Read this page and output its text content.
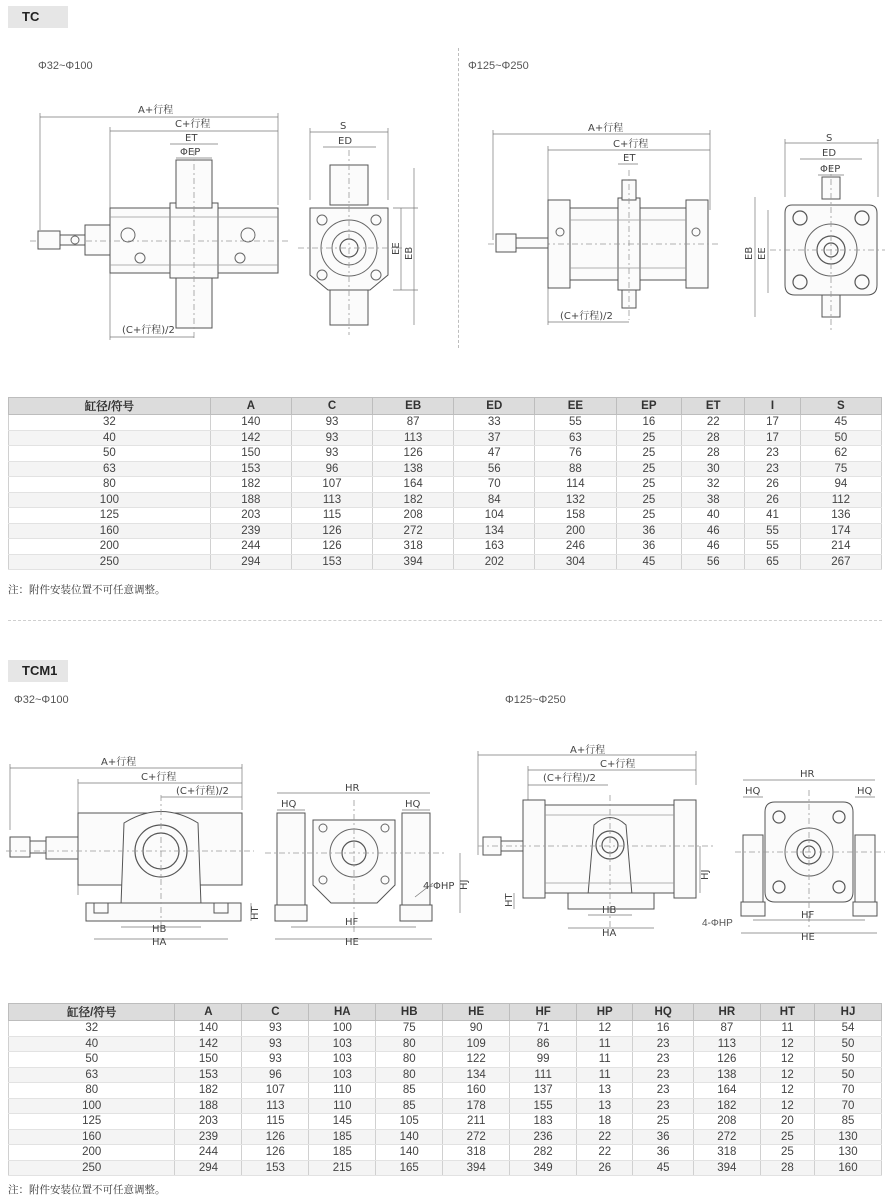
TC
Φ32~Φ100	Φ125~Φ250
A+行程
C+行程
ET
ΦEP
(C+行程)/2
S
ED
EE EB
A+行程
C+行程
ET
(C+行程)/2
S
ED
ΦEP
EB EE
缸径/符号	A	C	EB	ED	EE	EP	ET	I	S
32	140	93	87	33	55	16	22	17	45
40	142	93	113	37	63	25	28	17	50
50	150	93	126	47	76	25	28	23	62
63	153	96	138	56	88	25	30	23	75
80	182	107	164	70	114	25	32	26	94
100	188	113	182	84	132	25	38	26	112
125	203	115	208	104	158	25	40	41	136
160	239	126	272	134	200	36	46	55	174
200	244	126	318	163	246	36	46	55	214
250	294	153	394	202	304	45	56	65	267
注：附件安装位置不可任意调整。
TCM1
Φ32~Φ100	Φ125~Φ250
A+行程
C+行程
(C+行程)/2
HB
HA
HT
HR
HQ	HQ
HF
HE
HJ
4-ΦHP
A+行程
C+行程
(C+行程)/2
HB
HA
HJ
HT
HR
HQ	HQ
HF
HE
4-ΦHP
缸径/符号	A	C	HA	HB	HE	HF	HP	HQ	HR	HT	HJ
32	140	93	100	75	90	71	12	16	87	11	54
40	142	93	103	80	109	86	11	23	113	12	50
50	150	93	103	80	122	99	11	23	126	12	50
63	153	96	103	80	134	111	11	23	138	12	50
80	182	107	110	85	160	137	13	23	164	12	70
100	188	113	110	85	178	155	13	23	182	12	70
125	203	115	145	105	211	183	18	25	208	20	85
160	239	126	185	140	272	236	22	36	272	25	130
200	244	126	185	140	318	282	22	36	318	25	130
250	294	153	215	165	394	349	26	45	394	28	160
注：附件安装位置不可任意调整。
